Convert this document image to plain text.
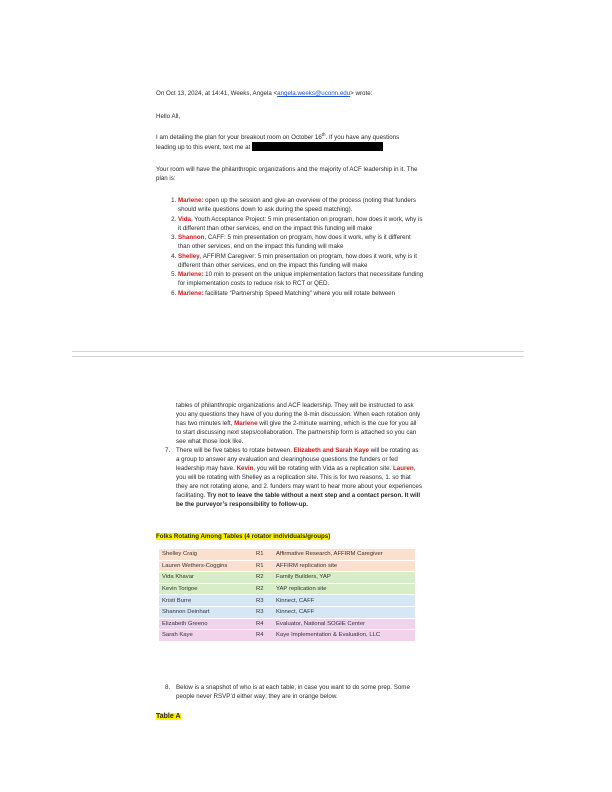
On Oct 13, 2024, at 14:41, Weeks, Angela <angela.weeks@uconn.edu> wrote:
Hello All,
I am detailing the plan for your breakout room on October 16th. If you have any questions leading up to this event, text me at
Your room will have the philanthropic organizations and the majority of ACF leadership in it. The plan is:
1. Marlene: open up the session and give an overview of the process (noting that funders should write questions down to ask during the speed matching).
2. Vida, Youth Acceptance Project: 5 min presentation on program, how does it work, why is it different than other services, end on the impact this funding will make
3. Shannon, CAFF: 5 min presentation on program, how does it work, why is it different than other services, end on the impact this funding will make
4. Shelley, AFFIRM Caregiver: 5 min presentation on program, how does it work, why is it different than other services, end on the impact this funding will make
5. Marlene: 10 min to present on the unique implementation factors that necessitate funding for implementation costs to reduce risk to RCT or QED.
6. Marlene: facilitate “Partnership Speed Matching” where you will rotate between
tables of philanthropic organizations and ACF leadership. They will be instructed to ask you any questions they have of you during the 8-min discussion. When each rotation only has two minutes left, Marlene will give the 2-minute warning, which is the cue for you all to start discussing next steps/collaboration. The partnership form is attached so you can see what those look like.
7. There will be five tables to rotate between. Elizabeth and Sarah Kaye will be rotating as a group to answer any evaluation and clearinghouse questions the funders or fed leadership may have. Kevin, you will be rotating with Vida as a replication site. Lauren, you will be rotating with Shelley as a replication site. This is for two reasons, 1. so that they are not rotating alone, and 2. funders may want to hear more about your experiences facilitating. Try not to leave the table without a next step and a contact person. It will be the purveyor’s responsibility to follow-up.
Folks Rotating Among Tables (4 rotator individuals/groups)
Shelley Craig	R1	Affirmative Research, AFFIRM Caregiver
Lauren Wethers-Coggins	R1	AFFIRM replication site
Vida Khavar	R2	Family Builders, YAP
Kevin Torigoe	R2	YAP replication site
Kristi Burre	R3	Kinnect, CAFF
Shannon Deinhart	R3	Kinnect, CAFF
Elizabeth Greeno	R4	Evaluator, National SOGIE Center
Sarah Kaye	R4	Kaye Implementation & Evaluation, LLC
8. Below is a snapshot of who is at each table, in case you want to do some prep. Some people never RSVP’d either way; they are in orange below.
Table A
